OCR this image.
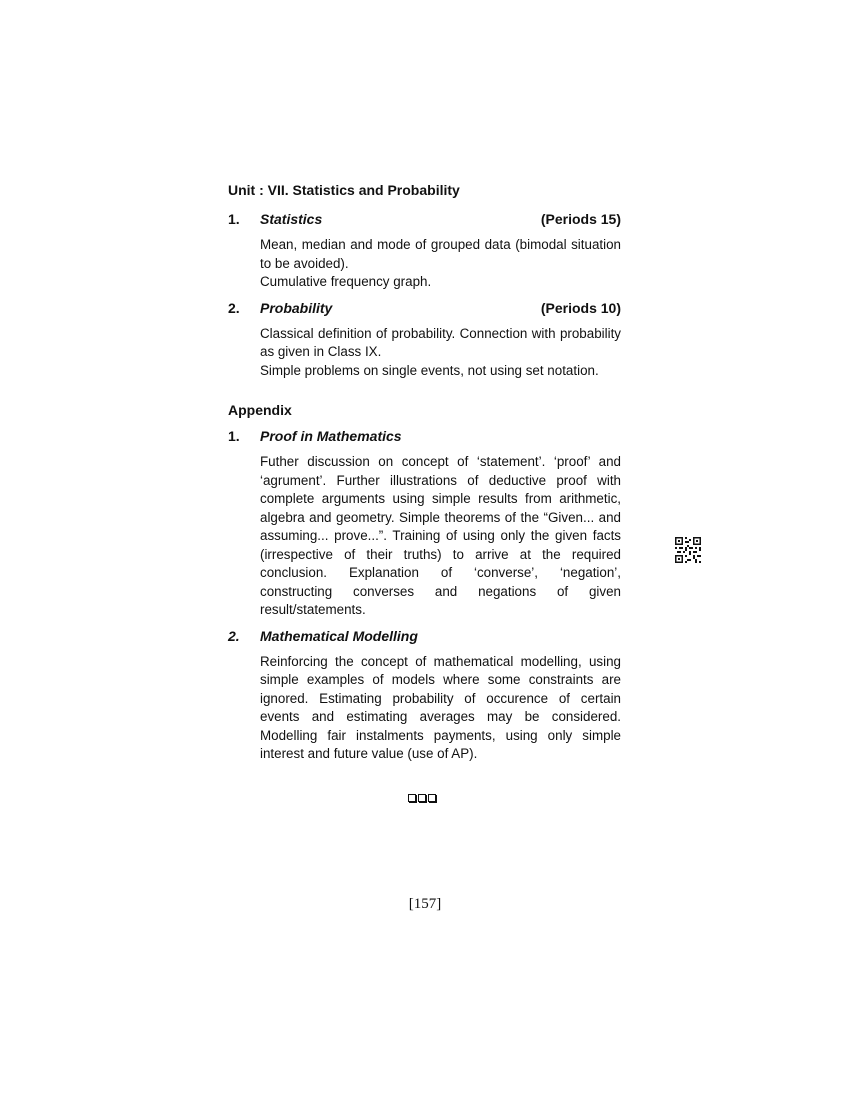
Unit : VII. Statistics and Probability
1.	Statistics	(Periods 15)

Mean, median and mode of grouped data (bimodal situation to be avoided).

Cumulative frequency graph.

2.	Probability	(Periods 10)

Classical definition of probability. Connection with probability as given in Class IX.

Simple problems on single events, not using set notation.

Appendix
1.	Proof in Mathematics

Futher discussion on concept of ‘statement’. ‘proof’ and ‘agrument’. Further illustrations of deductive proof with complete arguments using simple results from arithmetic, algebra and geometry. Simple theorems of the “Given... and assuming... prove...”. Training of using only the given facts (irrespective of their truths) to arrive at the required conclusion. Explanation of ‘converse’, ‘negation’, constructing converses and negations of given result/statements.

2.	Mathematical Modelling

Reinforcing the concept of mathematical modelling, using simple examples of models where some constraints are ignored. Estimating probability of occurence of certain events and estimating averages may be considered. Modelling fair instalments payments, using only simple interest and future value (use of AP).

[157]
